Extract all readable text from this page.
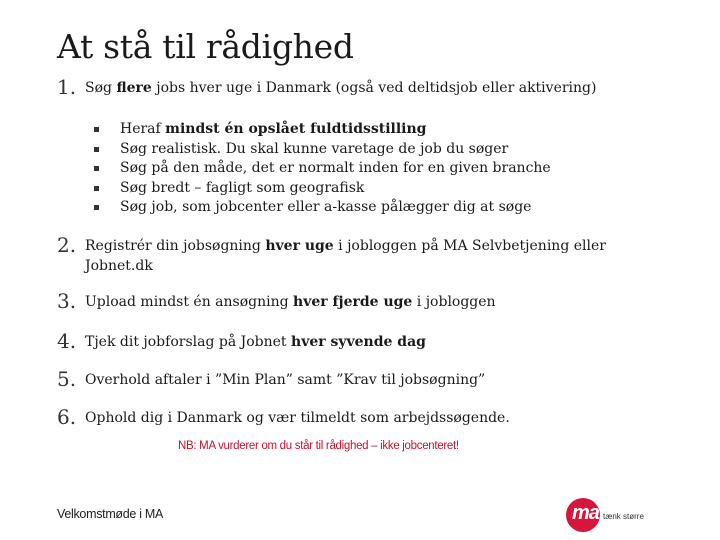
At stå til rådighed
1. Søg flere jobs hver uge i Danmark (også ved deltidsjob eller aktivering)
Heraf mindst én opslået fuldtidsstilling
Søg realistisk. Du skal kunne varetage de job du søger
Søg på den måde, det er normalt inden for en given branche
Søg bredt – fagligt som geografisk
Søg job, som jobcenter eller a-kasse pålægger dig at søge
2. Registrér din jobsøgning hver uge i jobloggen på MA Selvbetjening eller Jobnet.dk
3. Upload mindst én ansøgning hver fjerde uge i jobloggen
4. Tjek dit jobforslag på Jobnet hver syvende dag
5. Overhold aftaler i ”Min Plan” samt ”Krav til jobsøgning”
6. Ophold dig i Danmark og vær tilmeldt som arbejdssøgende.
NB: MA vurderer om du står til rådighed – ikke jobcenteret!
Velkomstmøde i MA	ma tænk større
